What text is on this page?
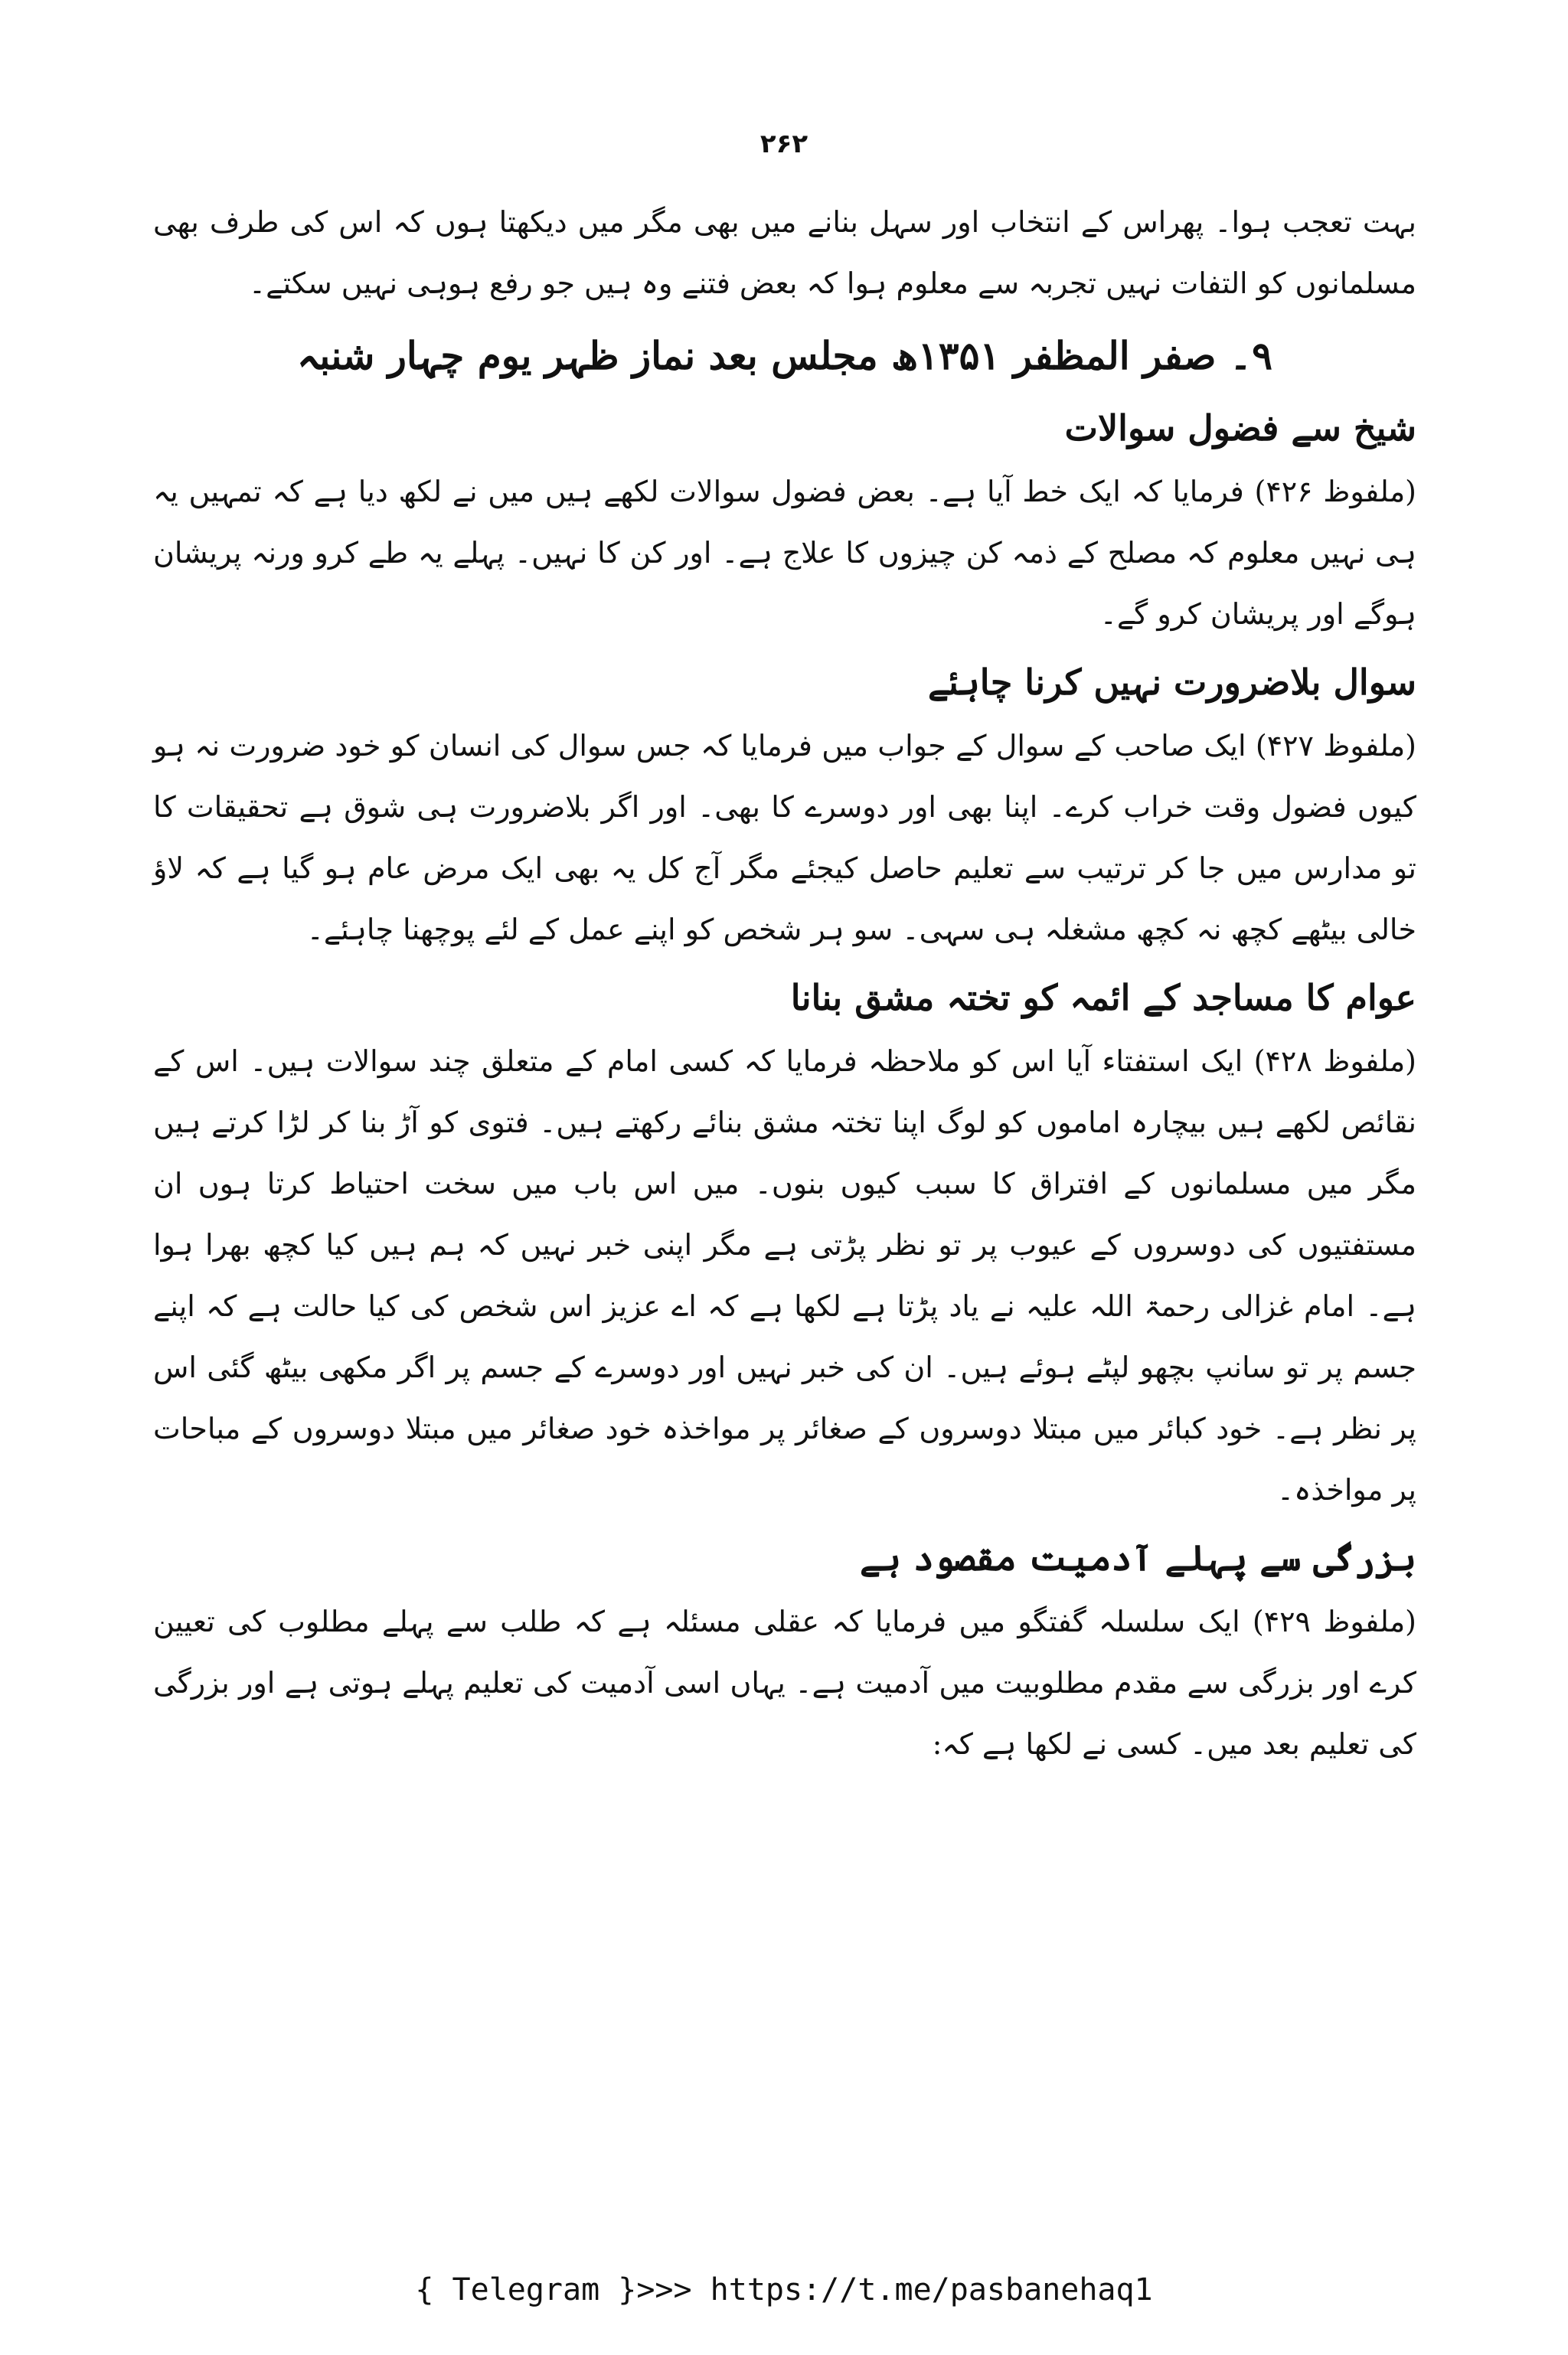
۲۶۲

بہت تعجب ہوا۔ پھراس کے انتخاب اور سہل بنانے میں بھی مگر میں دیکھتا ہوں کہ اس کی طرف بھی مسلمانوں کو التفات نہیں تجربہ سے معلوم ہوا کہ بعض فتنے وہ ہیں جو رفع ہوہی نہیں سکتے۔

۹۔ صفر المظفر ۱۳۵۱ھ مجلس بعد نماز ظہر یوم چہار شنبہ
شیخ سے فضول سوالات

(ملفوظ ۴۲۶) فرمایا کہ ایک خط آیا ہے۔ بعض فضول سوالات لکھے ہیں میں نے لکھ دیا ہے کہ تمہیں یہ ہی نہیں معلوم کہ مصلح کے ذمہ کن چیزوں کا علاج ہے۔ اور کن کا نہیں۔ پہلے یہ طے کرو ورنہ پریشان ہوگے اور پریشان کرو گے۔

سوال بلاضرورت نہیں کرنا چاہئے

(ملفوظ ۴۲۷) ایک صاحب کے سوال کے جواب میں فرمایا کہ جس سوال کی انسان کو خود ضرورت نہ ہو کیوں فضول وقت خراب کرے۔ اپنا بھی اور دوسرے کا بھی۔ اور اگر بلاضرورت ہی شوق ہے تحقیقات کا تو مدارس میں جا کر ترتیب سے تعلیم حاصل کیجئے مگر آج کل یہ بھی ایک مرض عام ہو گیا ہے کہ لاؤ خالی بیٹھے کچھ نہ کچھ مشغلہ ہی سہی۔ سو ہر شخص کو اپنے عمل کے لئے پوچھنا چاہئے۔

عوام کا مساجد کے ائمہ کو تختہ مشق بنانا

(ملفوظ ۴۲۸) ایک استفتاء آیا اس کو ملاحظہ فرمایا کہ کسی امام کے متعلق چند سوالات ہیں۔ اس کے نقائص لکھے ہیں بیچارہ اماموں کو لوگ اپنا تختہ مشق بنائے رکھتے ہیں۔ فتوی کو آڑ بنا کر لڑا کرتے ہیں مگر میں مسلمانوں کے افتراق کا سبب کیوں بنوں۔ میں اس باب میں سخت احتیاط کرتا ہوں ان مستفتیوں کی دوسروں کے عیوب پر تو نظر پڑتی ہے مگر اپنی خبر نہیں کہ ہم ہیں کیا کچھ بھرا ہوا ہے۔ امام غزالی رحمۃ اللہ علیہ نے یاد پڑتا ہے لکھا ہے کہ اے عزیز اس شخص کی کیا حالت ہے کہ اپنے جسم پر تو سانپ بچھو لپٹے ہوئے ہیں۔ ان کی خبر نہیں اور دوسرے کے جسم پر اگر مکھی بیٹھ گئی اس پر نظر ہے۔ خود کبائر میں مبتلا دوسروں کے صغائر پر مواخذہ خود صغائر میں مبتلا دوسروں کے مباحات پر مواخذہ۔

بزرگی سے پہلے آدمیت مقصود ہے

(ملفوظ ۴۲۹) ایک سلسلہ گفتگو میں فرمایا کہ عقلی مسئلہ ہے کہ طلب سے پہلے مطلوب کی تعیین کرے اور بزرگی سے مقدم مطلوبیت میں آدمیت ہے۔ یہاں اسی آدمیت کی تعلیم پہلے ہوتی ہے اور بزرگی کی تعلیم بعد میں۔ کسی نے لکھا ہے کہ:

{ Telegram }>>> https://t.me/pasbanehaq1
